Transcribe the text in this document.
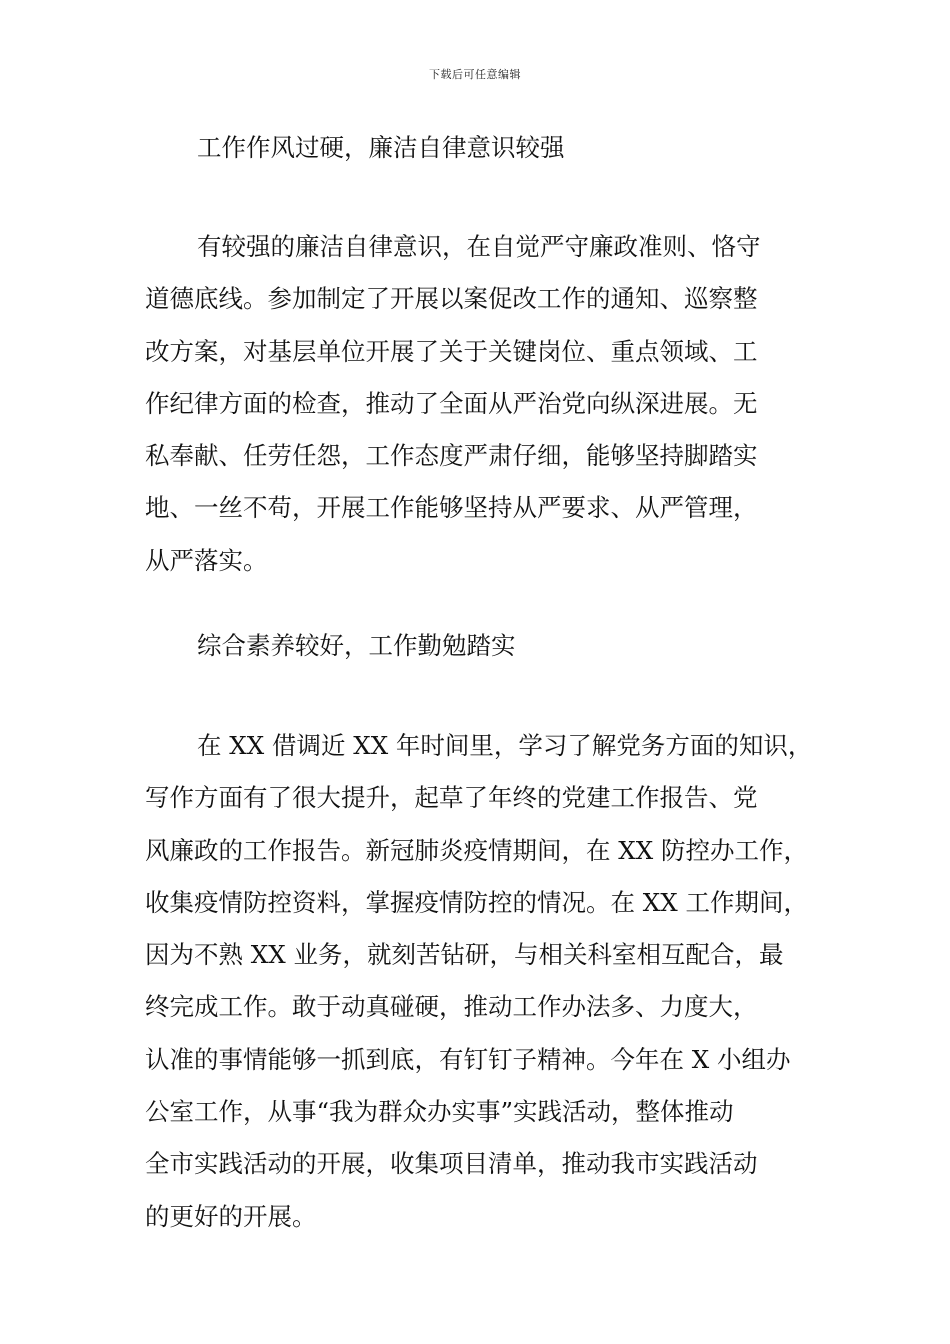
下载后可任意编辑
工作作风过硬，廉洁自律意识较强
有较强的廉洁自律意识，在自觉严守廉政准则、恪守
道德底线。参加制定了开展以案促改工作的通知、巡察整
改方案，对基层单位开展了关于关键岗位、重点领域、工
作纪律方面的检查，推动了全面从严治党向纵深进展。无
私奉献、任劳任怨，工作态度严肃仔细，能够坚持脚踏实
地、一丝不苟，开展工作能够坚持从严要求、从严管理，
从严落实。
综合素养较好，工作勤勉踏实
在 XX 借调近 XX 年时间里，学习了解党务方面的知识，
写作方面有了很大提升，起草了年终的党建工作报告、党
风廉政的工作报告。新冠肺炎疫情期间，在 XX 防控办工作，
收集疫情防控资料，掌握疫情防控的情况。在 XX 工作期间，
因为不熟 XX 业务，就刻苦钻研，与相关科室相互配合，最
终完成工作。敢于动真碰硬，推动工作办法多、力度大，
认准的事情能够一抓到底，有钉钉子精神。今年在 X 小组办
公室工作，从事“我为群众办实事”实践活动，整体推动
全市实践活动的开展，收集项目清单，推动我市实践活动
的更好的开展。
